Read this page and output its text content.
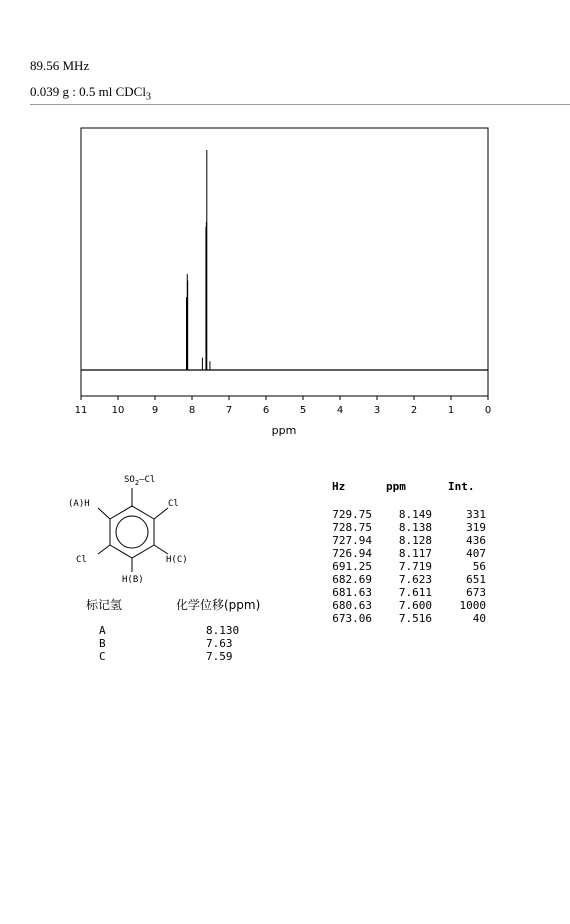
89.56 MHz
0.039 g : 0.5 ml CDCl$_3$
11 10	9	8	7	6	5	4	3	2	1	0
ppm
$SO_2—Cl$
(A)H	Cl
Cl	H(C)
H(B)
标记氢	化学位移(ppm)
A	8.130
B	7.63
C	7.59
Hz	ppm	Int.
729.75 8.149	331
728.75 8.138	319
727.94 8.128	436
726.94 8.117	407
691.25 7.719	56
682.69 7.623	651
681.63 7.611	673
680.63 7.600	1000
673.06 7.516	40
